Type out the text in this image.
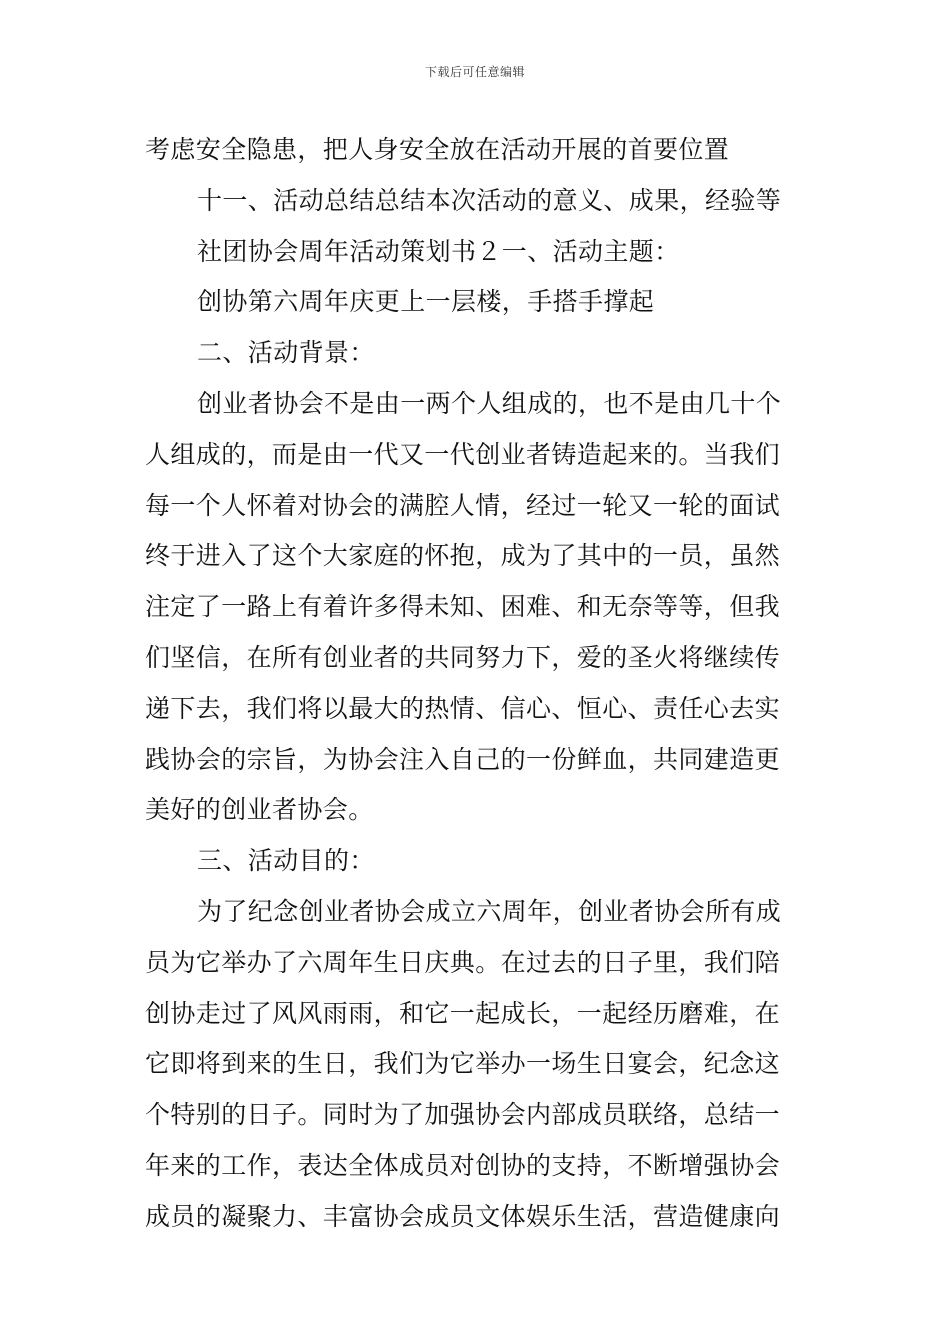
下载后可任意编辑
考虑安全隐患，把人身安全放在活动开展的首要位置
十一、活动总结总结本次活动的意义、成果，经验等
社团协会周年活动策划书２一、活动主题：
创协第六周年庆更上一层楼，手搭手撑起
二、活动背景：
创业者协会不是由一两个人组成的，也不是由几十个
人组成的，而是由一代又一代创业者铸造起来的。当我们
每一个人怀着对协会的满腔人情，经过一轮又一轮的面试
终于进入了这个大家庭的怀抱，成为了其中的一员，虽然
注定了一路上有着许多得未知、困难、和无奈等等，但我
们坚信，在所有创业者的共同努力下，爱的圣火将继续传
递下去，我们将以最大的热情、信心、恒心、责任心去实
践协会的宗旨，为协会注入自己的一份鲜血，共同建造更
美好的创业者协会。
三、活动目的：
为了纪念创业者协会成立六周年，创业者协会所有成
员为它举办了六周年生日庆典。在过去的日子里，我们陪
创协走过了风风雨雨，和它一起成长，一起经历磨难，在
它即将到来的生日，我们为它举办一场生日宴会，纪念这
个特别的日子。同时为了加强协会内部成员联络，总结一
年来的工作，表达全体成员对创协的支持，不断增强协会
成员的凝聚力、丰富协会成员文体娱乐生活，营造健康向
